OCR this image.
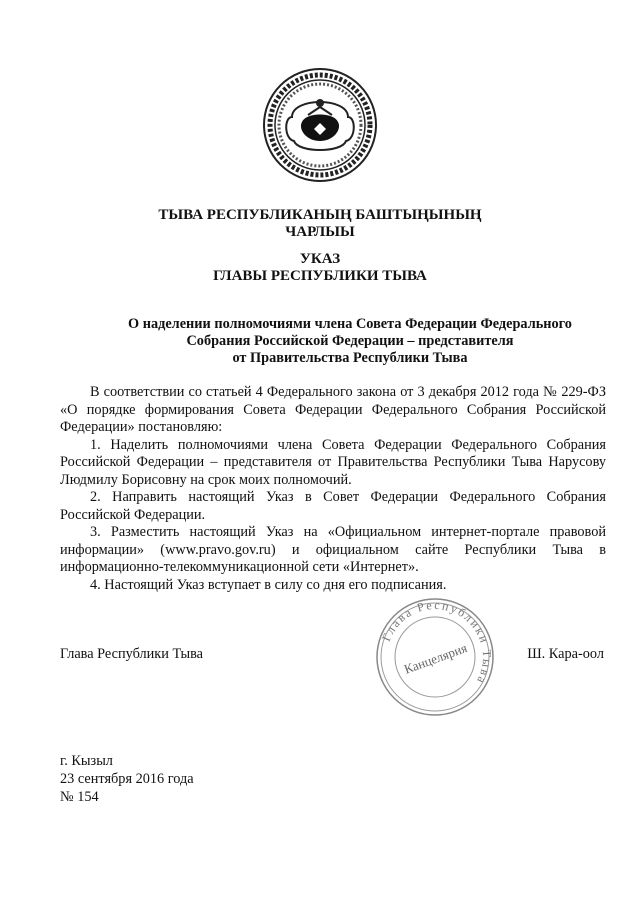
ТЫВА РЕСПУБЛИКАНЫҢ БАШТЫҢЫНЫҢ
ЧАРЛЫЫ
УКАЗ
ГЛАВЫ РЕСПУБЛИКИ ТЫВА
О наделении полномочиями члена Совета Федерации Федерального
Собрания Российской Федерации – представителя
от Правительства Республики Тыва

В соответствии со статьей 4 Федерального закона от 3 декабря 2012 года № 229-ФЗ «О порядке формирования Совета Федерации Федерального Собрания Российской Федерации» постановляю:

1. Наделить полномочиями члена Совета Федерации Федерального Собрания Российской Федерации – представителя от Правительства Республики Тыва Нарусову Людмилу Борисовну на срок моих полномочий.

2. Направить настоящий Указ в Совет Федерации Федерального Собрания Российской Федерации.

3. Разместить настоящий Указ на «Официальном интернет-портале правовой информации» (www.pravo.gov.ru) и официальном сайте Республики Тыва в информационно-телекоммуникационной сети «Интернет».

4. Настоящий Указ вступает в силу со дня его подписания.

Глава Республики Тыва	Ш. Кара-оол
Глава Республики Тыва
Канцелярия
г. Кызыл
23 сентября 2016 года
№ 154
